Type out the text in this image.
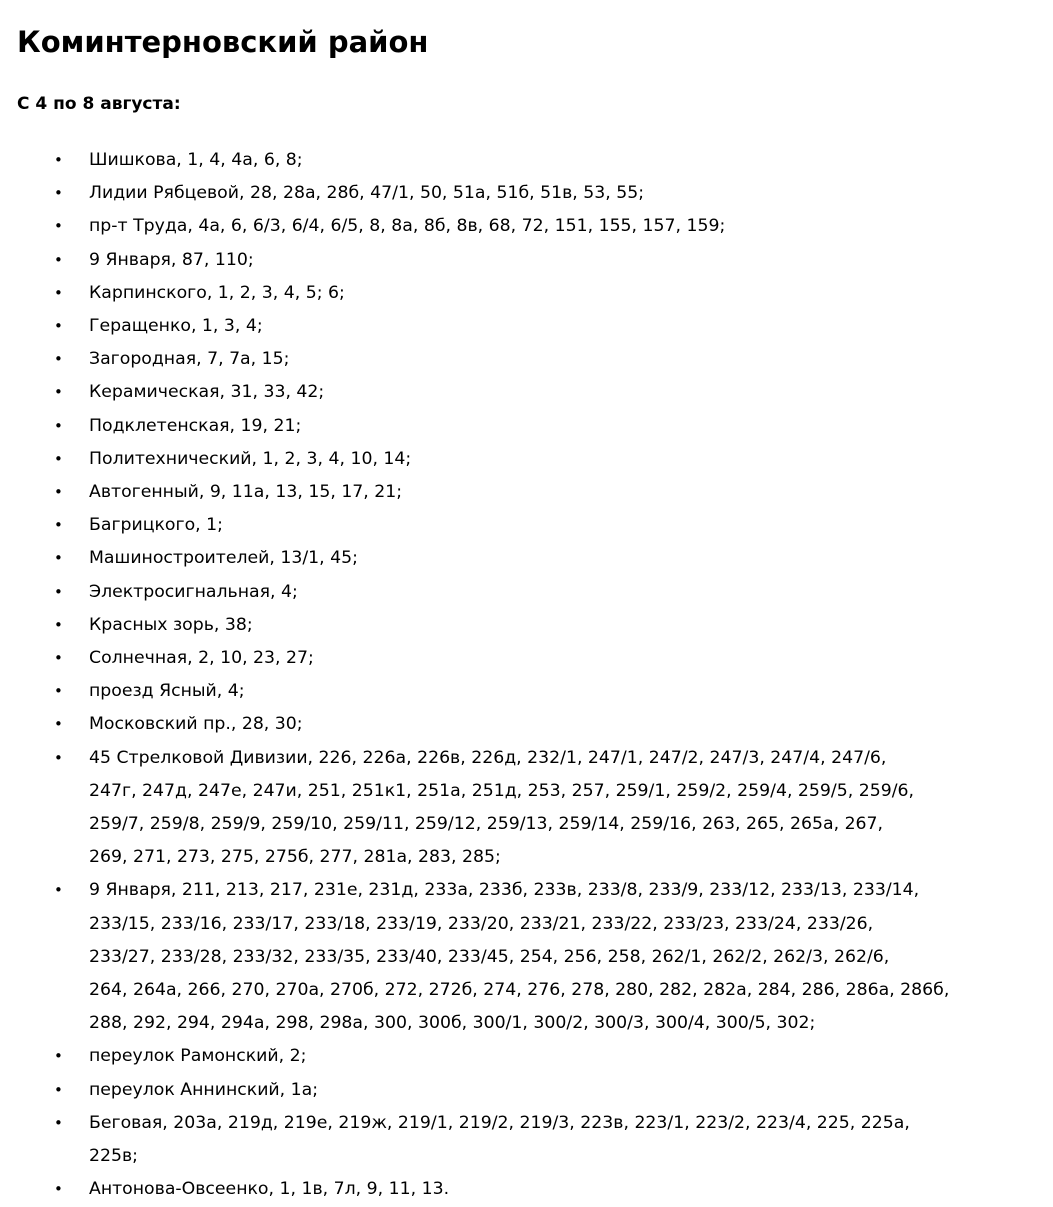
Коминтерновский район

С 4 по 8 августа:

• Шишкова, 1, 4, 4а, 6, 8;
• Лидии Рябцевой, 28, 28а, 28б, 47/1, 50, 51а, 51б, 51в, 53, 55;
• пр-т Труда, 4а, 6, 6/3, 6/4, 6/5, 8, 8а, 8б, 8в, 68, 72, 151, 155, 157, 159;
• 9 Января, 87, 110;
• Карпинского, 1, 2, 3, 4, 5; 6;
• Геращенко, 1, 3, 4;
• Загородная, 7, 7а, 15;
• Керамическая, 31, 33, 42;
• Подклетенская, 19, 21;
• Политехнический, 1, 2, 3, 4, 10, 14;
• Автогенный, 9, 11а, 13, 15, 17, 21;
• Багрицкого, 1;
• Машиностроителей, 13/1, 45;
• Электросигнальная, 4;
• Красных зорь, 38;
• Солнечная, 2, 10, 23, 27;
• проезд Ясный, 4;
• Московский пр., 28, 30;
• 45 Стрелковой Дивизии, 226, 226а, 226в, 226д, 232/1, 247/1, 247/2, 247/3, 247/4, 247/6,
247г, 247д, 247е, 247и, 251, 251к1, 251а, 251д, 253, 257, 259/1, 259/2, 259/4, 259/5, 259/6,
259/7, 259/8, 259/9, 259/10, 259/11, 259/12, 259/13, 259/14, 259/16, 263, 265, 265а, 267,
269, 271, 273, 275, 275б, 277, 281а, 283, 285;
• 9 Января, 211, 213, 217, 231е, 231д, 233а, 233б, 233в, 233/8, 233/9, 233/12, 233/13, 233/14,
233/15, 233/16, 233/17, 233/18, 233/19, 233/20, 233/21, 233/22, 233/23, 233/24, 233/26,
233/27, 233/28, 233/32, 233/35, 233/40, 233/45, 254, 256, 258, 262/1, 262/2, 262/3, 262/6,
264, 264а, 266, 270, 270а, 270б, 272, 272б, 274, 276, 278, 280, 282, 282а, 284, 286, 286а, 286б,
288, 292, 294, 294а, 298, 298а, 300, 300б, 300/1, 300/2, 300/3, 300/4, 300/5, 302;
• переулок Рамонский, 2;
• переулок Аннинский, 1а;
• Беговая, 203а, 219д, 219е, 219ж, 219/1, 219/2, 219/3, 223в, 223/1, 223/2, 223/4, 225, 225а,
225в;
• Антонова-Овсеенко, 1, 1в, 7л, 9, 11, 13.
